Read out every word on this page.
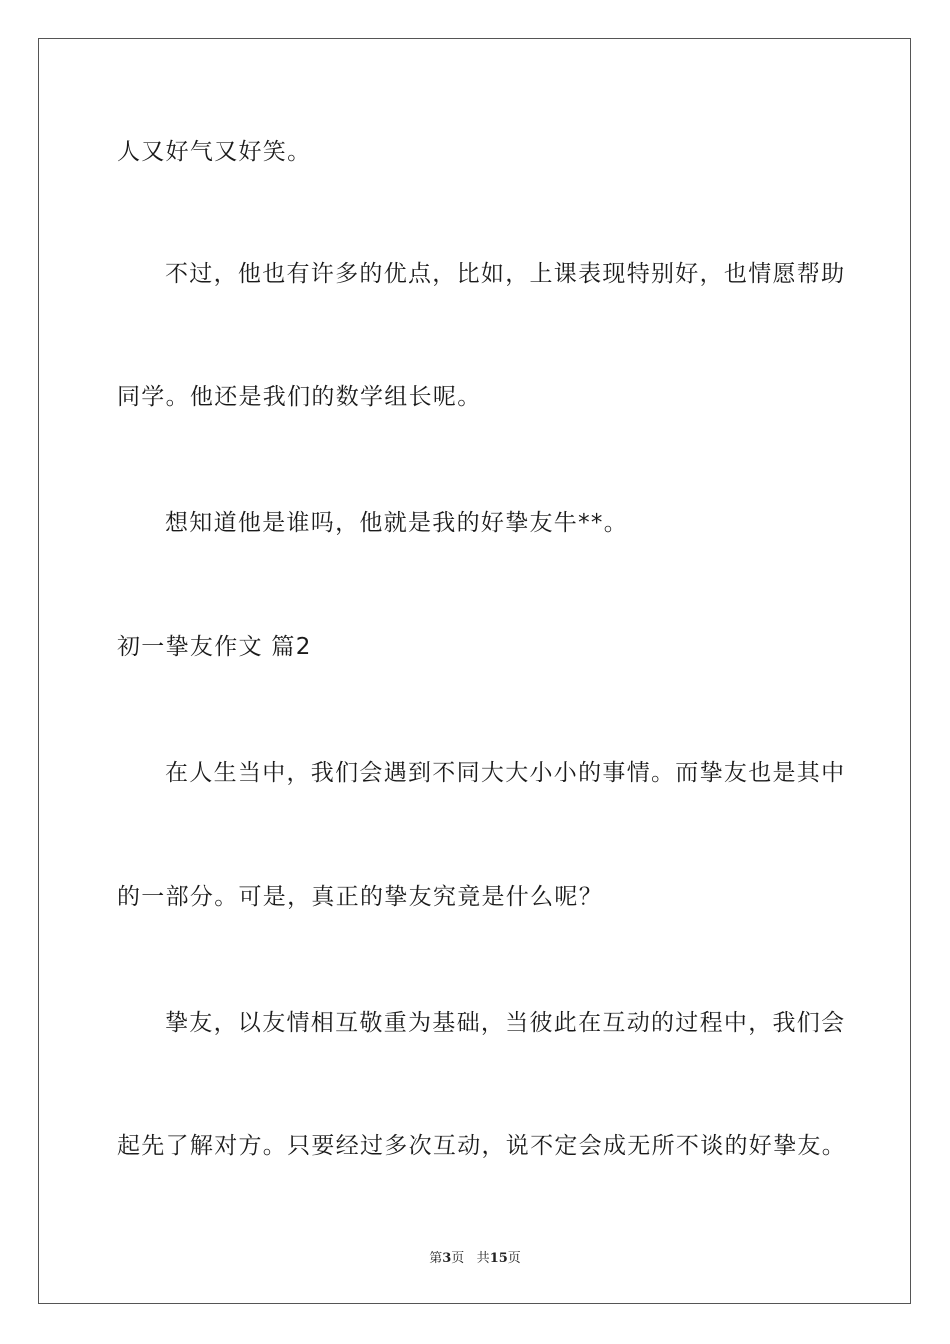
人又好气又好笑。
不过，他也有许多的优点，比如，上课表现特别好，也情愿帮助
同学。他还是我们的数学组长呢。
想知道他是谁吗，他就是我的好挚友牛**。
初一挚友作文 篇2
在人生当中，我们会遇到不同大大小小的事情。而挚友也是其中
的一部分。可是，真正的挚友究竟是什么呢？
挚友，以友情相互敬重为基础，当彼此在互动的过程中，我们会
起先了解对方。只要经过多次互动，说不定会成无所不谈的好挚友。
第3页 共15页
